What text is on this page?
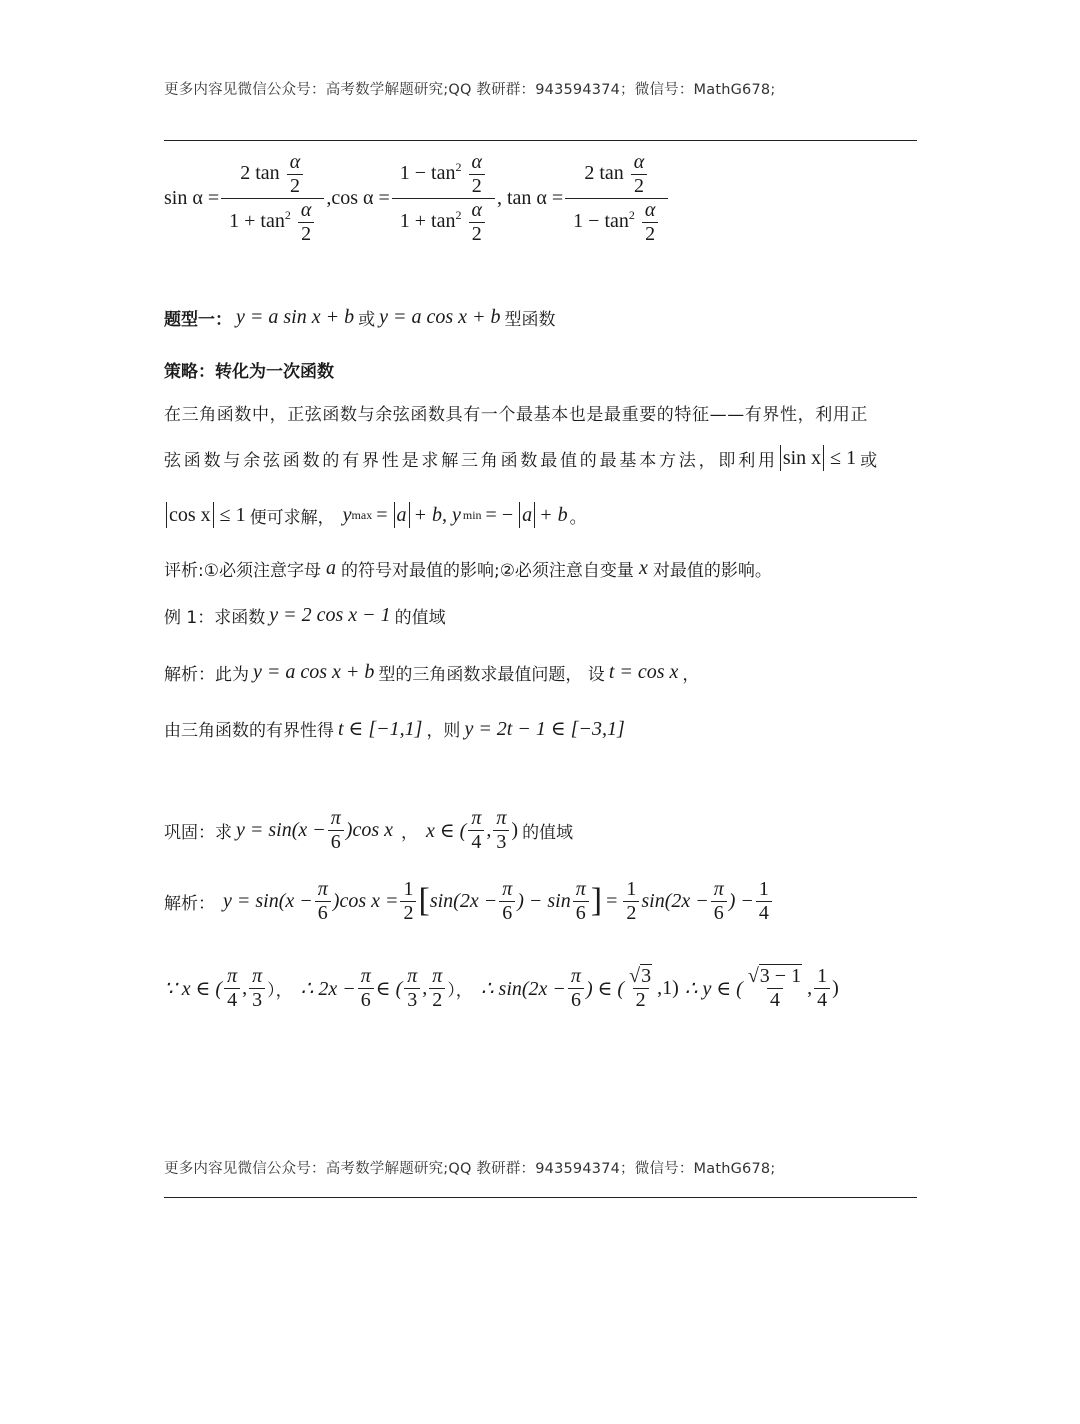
更多内容见微信公众号：高考数学解题研究;QQ 教研群：943594374；微信号：MathG678;
$\sin \alpha = \frac{2 \tan \frac{\alpha}{2}}{1 + \tan^2 \frac{\alpha}{2}} ,\cos$ $\alpha = \frac{1 - \tan^2 \frac{\alpha}{2}}{1 + \tan^2 \frac{\alpha}{2}}$ , $\tan \alpha = \frac{2 \tan \frac{\alpha}{2}}{1 - \tan^2 \frac{\alpha}{2}}$
题型一： y = a sin x + b 或 y = a cos x + b 型函数
策略：转化为一次函数
在三角函数中，正弦函数与余弦函数具有一个最基本也是最重要的特征——有界性，利用正
弦函数与余弦函数的有界性是求解三角函数最值的最基本方法，即利用 sin x ≤ 1 或
cos x ≤ 1 便可求解， y max = a + b, y min = − a + b 。
评析:①必须注意字母 a 的符号对最值的影响;②必须注意自变量 x 对最值的影响。
例 1：求函数 y = 2 cos x − 1 的值域
解析：此为 y = a cos x + b 型的三角函数求最值问题， 设 t = cos x ，
由三角函数的有界性得 t ∈ [−1,1] ，则 y = 2t − 1 ∈ [−3,1]
巩固：求 $y = \sin(x - \frac{\pi}{6} )\cos$ x ， x ∈ ( $\frac{\pi}{4}$ , $\frac{\pi}{3}$ ) 的值域
解析： $y = \sin(x - \frac{\pi}{6} )\cos$ $x = \frac{1}{2}$ [ $\sin(2x - \frac{\pi}{6}$ ) − $\sin \frac{\pi}{6}$ ] = $\frac{1}{2} \sin(2x - \frac{\pi}{6}$ ) − $\frac{1}{4}$
∵ x ∈ ( $\frac{\pi}{4}$ , $\frac{\pi}{3}$ ）， ∴ $2x - \frac{\pi}{6}$ ∈ ( $\frac{\pi}{3}$ , $\frac{\pi}{2}$ ）， ∴ $\sin(2x - \frac{\pi}{6}$ ) ∈ ( $\frac{√3}{2} ,1$) ∴ y ∈ ( $\frac{√3 - 1}{4}$ , $\frac{1}{4}$ )
更多内容见微信公众号：高考数学解题研究;QQ 教研群：943594374；微信号：MathG678;
